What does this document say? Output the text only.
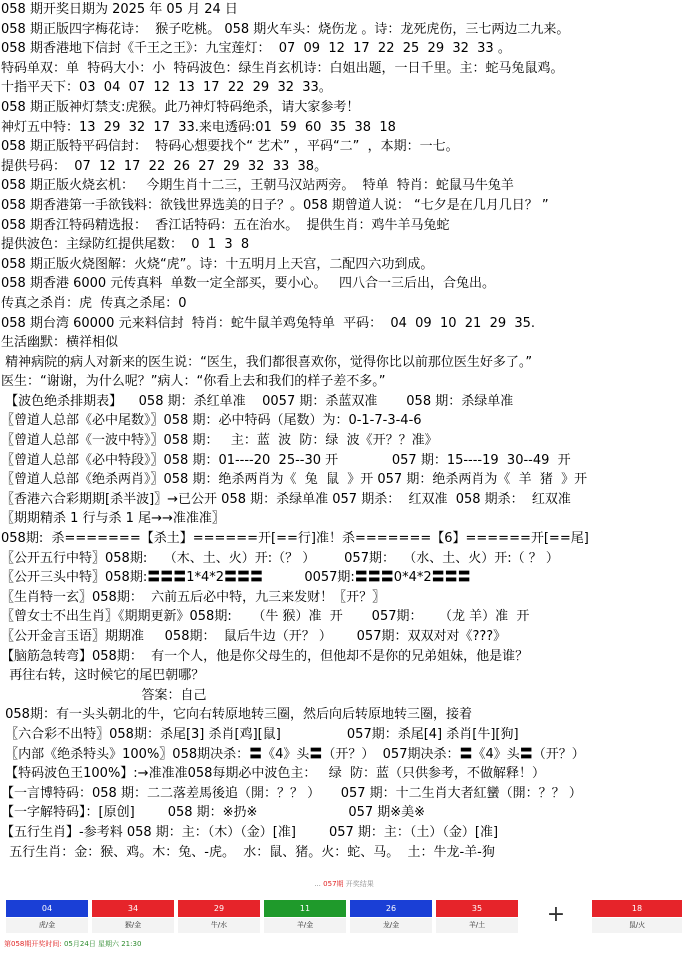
058 期开奖日期为 2025 年 05 月 24 日
058 期正版四字梅花诗：  猴子吃桃。 058 期火车头：烧伤龙 。诗：龙死虎伤，三七两边二九来。
058 期香港地下信封《千王之王》：九宝莲灯：  07  09  12  17  22  25  29  32  33 。
特码单双：单  特码大小：小  特码波色：绿生肖玄机诗：白姐出题，一日千里。主：蛇马兔鼠鸡。
十指平天下：03  04  07  12  13  17  22  29  32  33。
058 期正版神灯禁支:虎猴。此乃神灯特码绝杀，请大家参考！
神灯五中特：13  29  32  17  33.来电透码:01  59  60  35  38  18
058 期正版特平码信封：  特码心想要找个“ 艺术” ，平码“二”  ，本期：一七。
提供号码：  07  12  17  22  26  27  29  32  33  38。
058 期正版火烧玄机：   今期生肖十二三，王朝马汉站两旁。  特单  特肖：蛇鼠马牛兔羊
058 期香港第一手欲钱料：欲钱世界选美的日子？。058 期曾道人说： “七夕是在几月几日？ ”
058 期香江特码精选报：  香江话特码：五在治水。  提供生肖：鸡牛羊马兔蛇
提供波色：主绿防红提供尾数：  0  1  3  8
058 期正版火烧图解：火烧“虎”。诗：十五明月上天宫，二配四六功到成。
058 期香港 6000 元传真料  单数一定全部买，要小心。   四八合一三后出，合兔出。
传真之杀肖：虎  传真之杀尾：0
058 期台湾 60000 元来料信封  特肖：蛇牛鼠羊鸡兔特单  平码：  04  09  10  21  29  35.
生活幽默：横祥相似
精神病院的病人对新来的医生说：“医生，我们都很喜欢你，觉得你比以前那位医生好多了。”
医生：“谢谢，为什么呢？”病人：“你看上去和我们的样子差不多。”
【波色绝杀排期表】    058 期：杀红单准    0057 期：杀蓝双准       058 期：杀绿单准
〖曾道人总部《必中尾数》〗058 期：必中特码（尾数）为：0-1-7-3-4-6
〖曾道人总部《一波中特》〗058 期：   主：蓝  波  防：绿  波《开？？准》
〖曾道人总部《必中特段》〗058 期：01----20  25--30 开             057 期：15----19  30--49  开
〖曾道人总部《绝杀两肖》〗058 期：绝杀两肖为《  兔  鼠  》开 057 期：绝杀两肖为《  羊  猪  》开
〖香港六合彩期期[杀半波]〗→已公开 058 期：杀绿单准 057 期杀：  红双准  058 期杀：  红双准
〖期期精杀 1 行与杀 1 尾→→准准准〗
058期:  杀=======【杀土】======开[==行]准！杀=======【6】======开[==尾]
〖公开五行中特〗058期:    （木、土、火）开:（？ ）       057期：  （水、土、火）开:（ ？ ）
〖公开三头中特〗058期:〓〓〓1*4*2〓〓〓          0057期:〓〓〓0*4*2〓〓〓
〖生肖特一玄〗058期：  六前五后必中特，九三来发财！〖开？〗
〖曾女士不出生肖〗《期期更新》058期:     （牛 猴）准  开       057期：    （龙 羊）准  开
〖公开金言玉语〗期期准     058期：  鼠后牛边（开？ ）      057期：双双对对《???》
【脑筋急转弯】058期：  有一个人，他是你父母生的，但他却不是你的兄弟姐妹，他是谁？
再往右转，这时候它的尾巴朝哪？
答案：自己
058期：有一头头朝北的牛，它向右转原地转三圈，然后向后转原地转三圈，接着
〖六合彩不出特〗058期：杀尾[3] 杀肖[鸡][鼠]                057期：杀尾[4] 杀肖[牛][狗]
〖内部《绝杀特头》100%〗058期决杀：〓《4》头〓（开？）  057期决杀：〓《4》头〓（开？）
【特码波色王100%】:→准准准058每期必中波色主：   绿  防：蓝（只供参考，不做解释！）
【一言博特码：058 期：二二落差馬後追（開：？？ ）     057 期：十二生肖大者紅蠻（開：？？ ）
【一字解特码】：[原创]        058 期：※扔※                      057 期※美※
【五行生肖】-参考料 058 期：主：（木）（金）[准]        057 期：主：（土）（金）[准]
五行生肖：金：猴、鸡。木：兔、-虎。  水：鼠、猪。火：蛇、马。  土：牛龙-羊-狗
... 057期 开奖结果
04
虎/金
34
猴/金
29
牛/水
11
羊/金
26
龙/金
35
羊/土	+	18
鼠/火
第058期开奖时间: 05月24日 星期六 21:30
